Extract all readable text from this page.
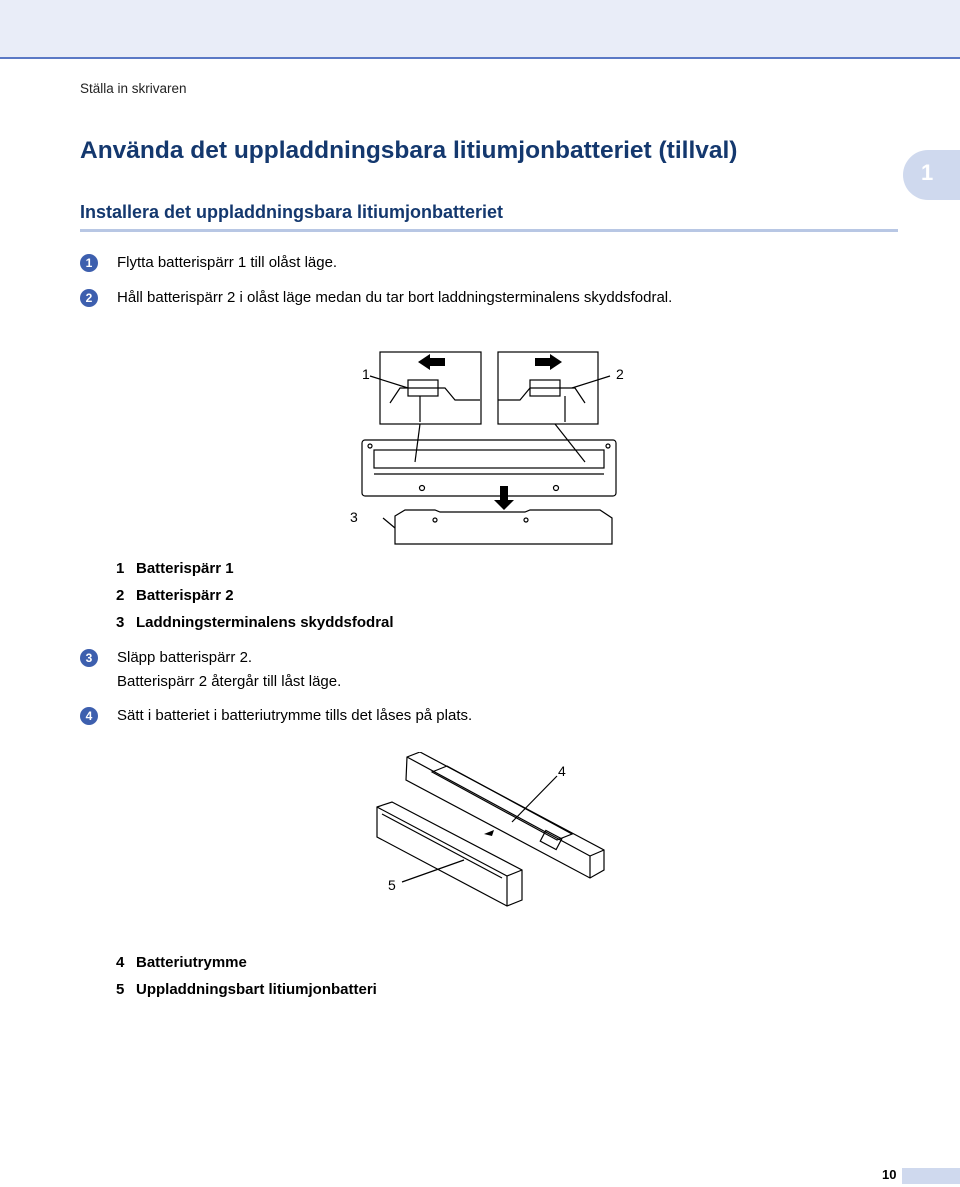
Ställa in skrivaren
Använda det uppladdningsbara litiumjonbatteriet (tillval)
1
Installera det uppladdningsbara litiumjonbatteriet
1	Flytta batterispärr 1 till olåst läge.
2	Håll batterispärr 2 i olåst läge medan du tar bort laddningsterminalens skyddsfodral.
1	2
3
1 Batterispärr 1
2 Batterispärr 2
3 Laddningsterminalens skyddsfodral
3	Släpp batterispärr 2.
Batterispärr 2 återgår till låst läge.
4	Sätt i batteriet i batteriutrymme tills det låses på plats.
4
5
4 Batteriutrymme
5 Uppladdningsbart litiumjonbatteri
10
